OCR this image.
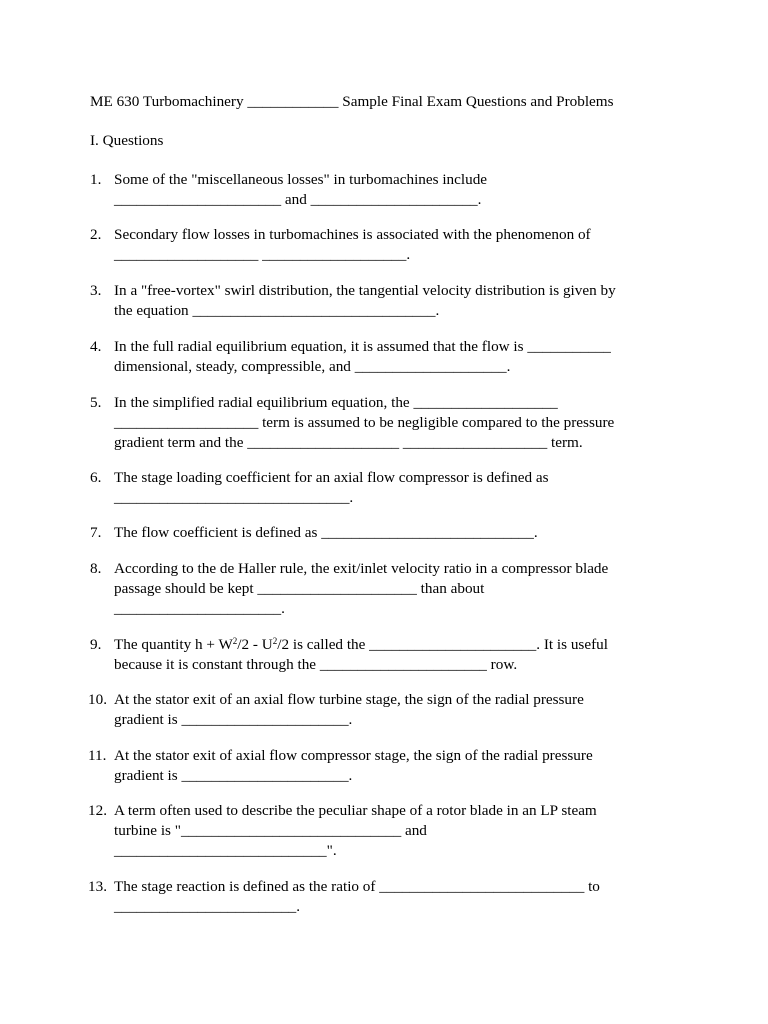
ME 630 Turbomachinery ____________ Sample Final Exam Questions and Problems
I. Questions
1. Some of the "miscellaneous losses" in turbomachines include
______________________ and ______________________.
2. Secondary flow losses in turbomachines is associated with the phenomenon of
___________________ ___________________.
3. In a "free-vortex" swirl distribution, the tangential velocity distribution is given by
the equation ________________________________.
4. In the full radial equilibrium equation, it is assumed that the flow is ___________
dimensional, steady, compressible, and ____________________.
5. In the simplified radial equilibrium equation, the ___________________
___________________ term is assumed to be negligible compared to the pressure
gradient term and the ____________________ ___________________ term.
6. The stage loading coefficient for an axial flow compressor is defined as
_______________________________.
7. The flow coefficient is defined as ____________________________.
8. According to the de Haller rule, the exit/inlet velocity ratio in a compressor blade
passage should be kept _____________________ than about
______________________.
9. The quantity $h + W^2/2 - U^2/2$ is called the ______________________. It is useful
because it is constant through the ______________________ row.
10. At the stator exit of an axial flow turbine stage, the sign of the radial pressure
gradient is ______________________.
11. At the stator exit of axial flow compressor stage, the sign of the radial pressure
gradient is ______________________.
12. A term often used to describe the peculiar shape of a rotor blade in an LP steam
turbine is "_____________________________ and
____________________________".
13. The stage reaction is defined as the ratio of ___________________________ to
________________________.
